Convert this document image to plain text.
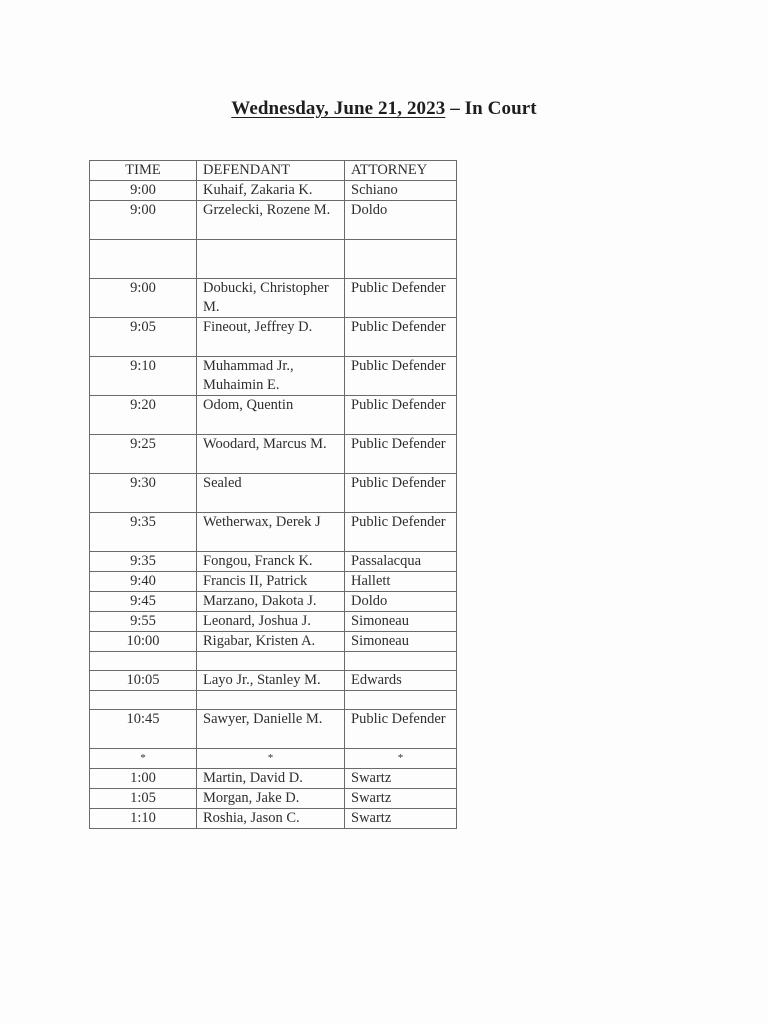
Wednesday, June 21, 2023 – In Court
TIME	DEFENDANT	ATTORNEY
9:00	Kuhaif, Zakaria K.	Schiano
9:00	Grzelecki, Rozene M.	Doldo

9:00	Dobucki, Christopher M.	Public Defender
9:05	Fineout, Jeffrey D.	Public Defender
9:10	Muhammad Jr., Muhaimin E.	Public Defender
9:20	Odom, Quentin	Public Defender
9:25	Woodard, Marcus M.	Public Defender
9:30	Sealed	Public Defender
9:35	Wetherwax, Derek J	Public Defender
9:35	Fongou, Franck K.	Passalacqua
9:40	Francis II, Patrick	Hallett
9:45	Marzano, Dakota J.	Doldo
9:55	Leonard, Joshua J.	Simoneau
10:00	Rigabar, Kristen A.	Simoneau

10:05	Layo Jr., Stanley M.	Edwards

10:45	Sawyer, Danielle M.	Public Defender
*	*	*
1:00	Martin, David D.	Swartz
1:05	Morgan, Jake D.	Swartz
1:10	Roshia, Jason C.	Swartz
